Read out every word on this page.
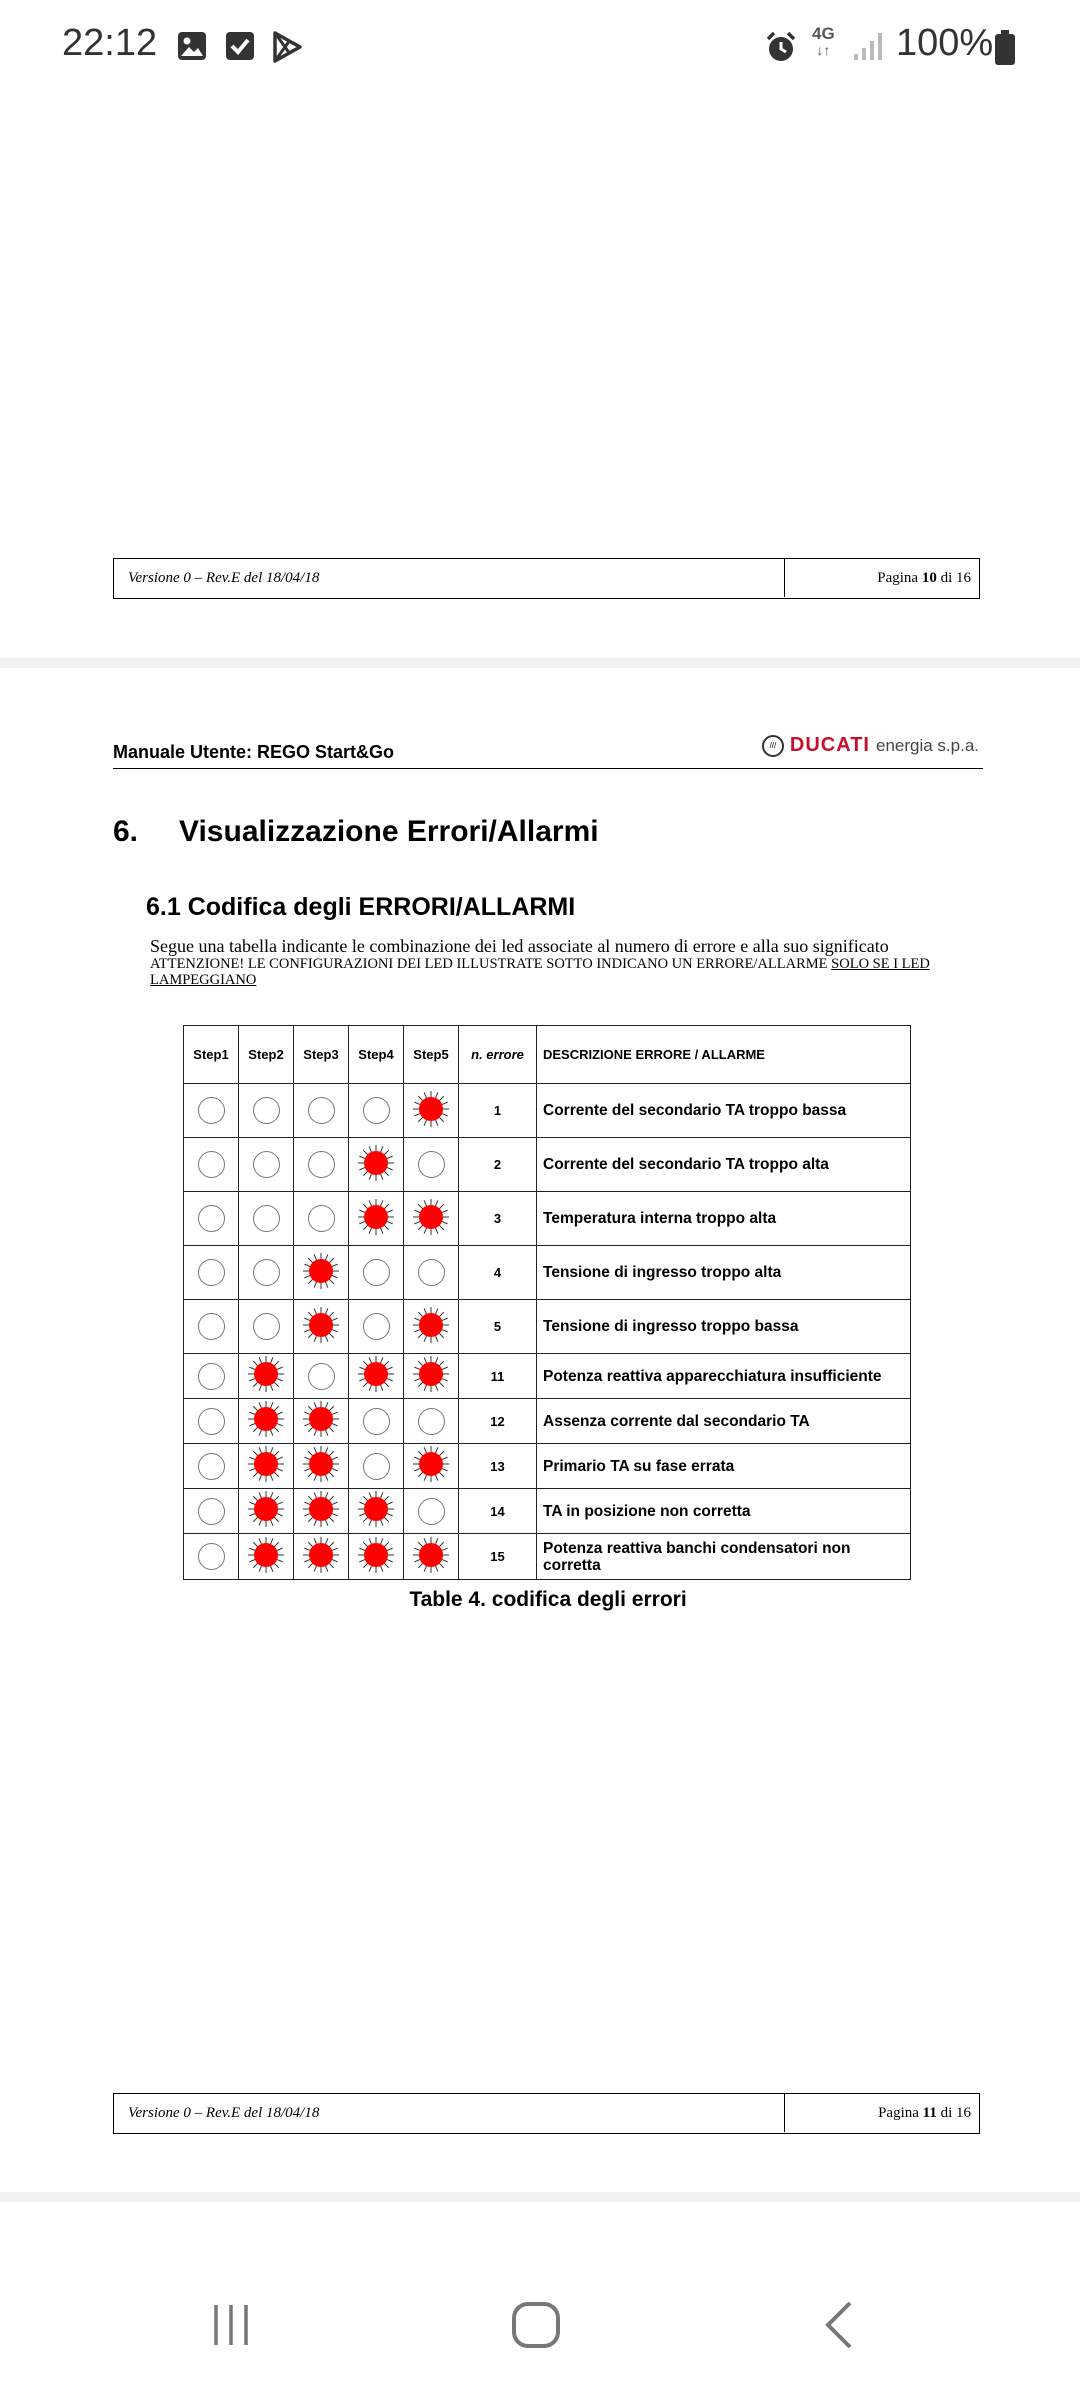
22:12	4G
↓↑ 100%
Versione 0 – Rev.E del 18/04/18	Pagina 10 di 16
Manuale Utente: REGO Start&Go	/// DUCATI energia s.p.a.
6. Visualizzazione Errori/Allarmi
6.1 Codifica degli ERRORI/ALLARMI
Segue una tabella indicante le combinazione dei led associate al numero di errore e alla suo significato
ATTENZIONE! LE CONFIGURAZIONI DEI LED ILLUSTRATE SOTTO INDICANO UN ERRORE/ALLARME SOLO SE I LED LAMPEGGIANO
Step1	Step2	Step3	Step4	Step5	n. errore	DESCRIZIONE ERRORE / ALLARME
					1	Corrente del secondario TA troppo bassa
					2	Corrente del secondario TA troppo alta
					3	Temperatura interna troppo alta
					4	Tensione di ingresso troppo alta
					5	Tensione di ingresso troppo bassa
					11	Potenza reattiva apparecchiatura insufficiente
					12	Assenza corrente dal secondario TA
					13	Primario TA su fase errata
					14	TA in posizione non corretta
					15	Potenza reattiva banchi condensatori non corretta
Table 4. codifica degli errori
Versione 0 – Rev.E del 18/04/18	Pagina 11 di 16
